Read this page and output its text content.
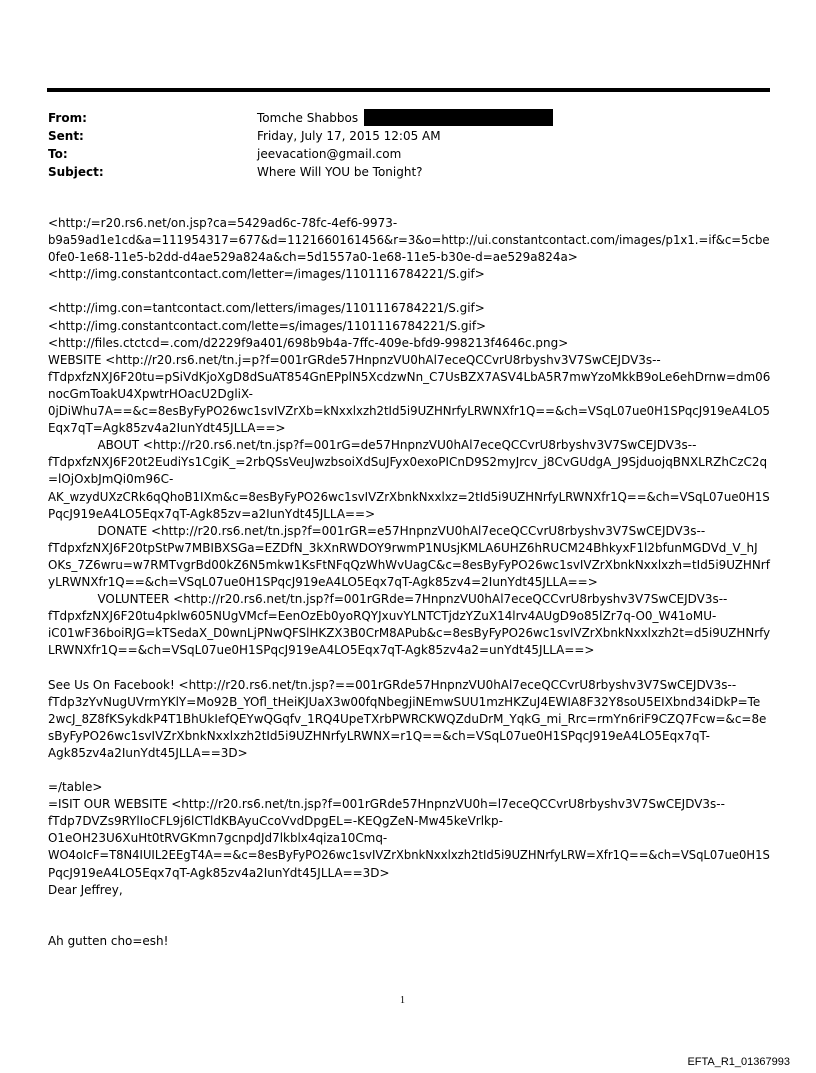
From:	Tomche Shabbos
Sent:	Friday, July 17, 2015 12:05 AM
To:	jeevacation@gmail.com
Subject:	Where Will YOU be Tonight?
<http:/=r20.rs6.net/on.jsp?ca=5429ad6c-78fc-4ef6-9973-
b9a59ad1e1cd&a=111954317=677&d=1121660161456&r=3&o=http://ui.constantcontact.com/images/p1x1.=if&c=5cbe
0fe0-1e68-11e5-b2dd-d4ae529a824a&ch=5d1557a0-1e68-11e5-b30e-d=ae529a824a>
<http://img.constantcontact.com/letter=/images/1101116784221/S.gif>
<http://img.con=tantcontact.com/letters/images/1101116784221/S.gif>
<http://img.constantcontact.com/lette=s/images/1101116784221/S.gif>
<http://files.ctctcd=.com/d2229f9a401/698b9b4a-7ffc-409e-bfd9-998213f4646c.png>
WEBSITE <http://r20.rs6.net/tn.j=p?f=001rGRde57HnpnzVU0hAl7eceQCCvrU8rbyshv3V7SwCEJDV3s--
fTdpxfzNXJ6F20tu=pSiVdKjoXgD8dSuAT854GnEPplN5XcdzwNn_C7UsBZX7ASV4LbA5R7mwYzoMkkB9oLe6ehDrnw=dm06
nocGmToakU4XpwtrHOacU2DgliX-
0jDiWhu7A==&c=8esByFyPO26wc1svIVZrXb=kNxxlxzh2tId5i9UZHNrfyLRWNXfr1Q==&ch=VSqL07ue0H1SPqcJ919eA4LO5
Eqx7qT=Agk85zv4a2IunYdt45JLLA==>
ABOUT <http://r20.rs6.net/tn.jsp?f=001rG=de57HnpnzVU0hAl7eceQCCvrU8rbyshv3V7SwCEJDV3s--
fTdpxfzNXJ6F20t2EudiYs1CgiK_=2rbQSsVeuJwzbsoiXdSuJFyx0exoPICnD9S2myJrcv_j8CvGUdgA_J9SjduojqBNXLRZhCzC2q
=lOjOxbJmQi0m96C-
AK_wzydUXzCRk6qQhoB1IXm&c=8esByFyPO26wc1svIVZrXbnkNxxlxz=2tId5i9UZHNrfyLRWNXfr1Q==&ch=VSqL07ue0H1S
PqcJ919eA4LO5Eqx7qT-Agk85zv=a2IunYdt45JLLA==>
DONATE <http://r20.rs6.net/tn.jsp?f=001rGR=e57HnpnzVU0hAl7eceQCCvrU8rbyshv3V7SwCEJDV3s--
fTdpxfzNXJ6F20tpStPw7MBIBXSGa=EZDfN_3kXnRWDOY9rwmP1NUsjKMLA6UHZ6hRUCM24BhkyxF1l2bfunMGDVd_V_hJ
OKs_7Z6wru=w7RMTvgrBd00kZ6N5mkw1KsFtNFqQzWhWvUagC&c=8esByFyPO26wc1svIVZrXbnkNxxlxzh=tId5i9UZHNrf
yLRWNXfr1Q==&ch=VSqL07ue0H1SPqcJ919eA4LO5Eqx7qT-Agk85zv4=2IunYdt45JLLA==>
VOLUNTEER <http://r20.rs6.net/tn.jsp?f=001rGRde=7HnpnzVU0hAl7eceQCCvrU8rbyshv3V7SwCEJDV3s--
fTdpxfzNXJ6F20tu4pklw605NUgVMcf=EenOzEb0yoRQYJxuvYLNTCTjdzYZuX14lrv4AUgD9o85lZr7q-O0_W41oMU-
iC01wF36boiRJG=kTSedaX_D0wnLjPNwQFSlHKZX3B0CrM8APub&c=8esByFyPO26wc1svIVZrXbnkNxxlxzh2t=d5i9UZHNrfy
LRWNXfr1Q==&ch=VSqL07ue0H1SPqcJ919eA4LO5Eqx7qT-Agk85zv4a2=unYdt45JLLA==>
See Us On Facebook! <http://r20.rs6.net/tn.jsp?==001rGRde57HnpnzVU0hAl7eceQCCvrU8rbyshv3V7SwCEJDV3s--
fTdp3zYvNugUVrmYKlY=Mo92B_YOfl_tHeiKJUaX3w00fqNbegjiNEmwSUU1mzHKZuJ4EWIA8F32Y8soU5EIXbnd34iDkP=Te
2wcJ_8Z8fKSykdkP4T1BhUkIefQEYwQGqfv_1RQ4UpeTXrbPWRCKWQZduDrM_YqkG_mi_Rrc=rmYn6riF9CZQ7Fcw=&c=8e
sByFyPO26wc1svIVZrXbnkNxxlxzh2tId5i9UZHNrfyLRWNX=r1Q==&ch=VSqL07ue0H1SPqcJ919eA4LO5Eqx7qT-
Agk85zv4a2IunYdt45JLLA==3D>
=/table>
=ISIT OUR WEBSITE <http://r20.rs6.net/tn.jsp?f=001rGRde57HnpnzVU0h=l7eceQCCvrU8rbyshv3V7SwCEJDV3s--
fTdp7DVZs9RYlIoCFL9j6lCTldKBAyuCcoVvdDpgEL=-KEQgZeN-Mw45keVrlkp-
O1eOH23U6XuHt0tRVGKmn7gcnpdJd7lkblx4qiza10Cmq-
WO4oIcF=T8N4IUIL2EEgT4A==&c=8esByFyPO26wc1svIVZrXbnkNxxlxzh2tId5i9UZHNrfyLRW=Xfr1Q==&ch=VSqL07ue0H1S
PqcJ919eA4LO5Eqx7qT-Agk85zv4a2IunYdt45JLLA==3D>
Dear Jeffrey,
Ah gutten cho=esh!
1
EFTA_R1_01367993
